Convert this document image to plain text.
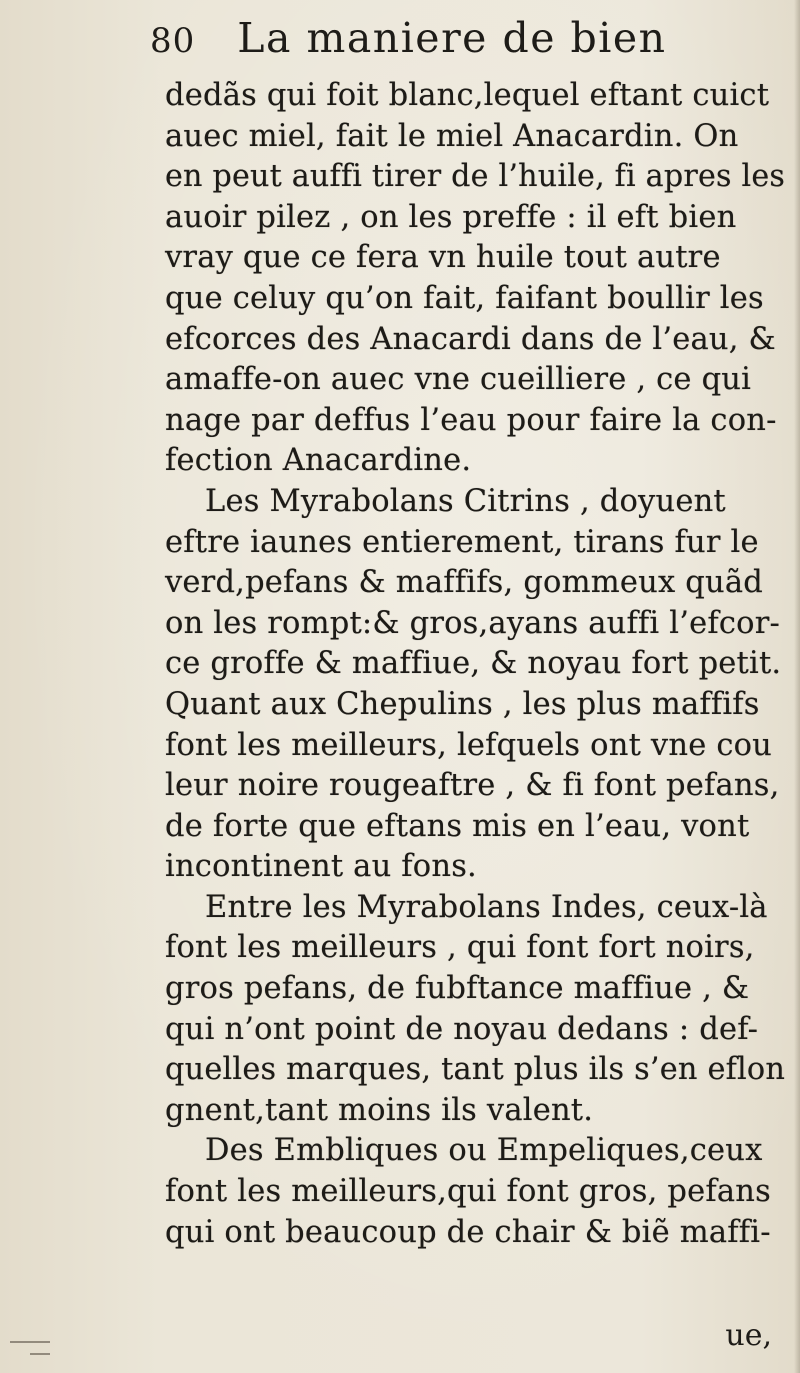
80 La maniere de bien
dedãs qui foit blanc,lequel eftant cuict
auec miel, fait le miel Anacardin. On
en peut auffi tirer de l’huile, fi apres les
auoir pilez , on les preffe : il eft bien
vray que ce fera vn huile tout autre
que celuy qu’on fait, faifant boullir les
efcorces des Anacardi dans de l’eau, &
amaffe-on auec vne cueilliere , ce qui
nage par deffus l’eau pour faire la con-
fection Anacardine.
Les Myrabolans Citrins , doyuent
eftre iaunes entierement, tirans fur le
verd,pefans & maffifs, gommeux quãd
on les rompt:& gros,ayans auffi l’efcor-
ce groffe & maffiue, & noyau fort petit.
Quant aux Chepulins , les plus maffifs
font les meilleurs, lefquels ont vne cou
leur noire rougeaftre , & fi font pefans,
de forte que eftans mis en l’eau, vont
incontinent au fons.
Entre les Myrabolans Indes, ceux-là
font les meilleurs , qui font fort noirs,
gros pefans, de fubftance maffiue , &
qui n’ont point de noyau dedans : def-
quelles marques, tant plus ils s’en eflon
gnent,tant moins ils valent.
Des Embliques ou Empeliques,ceux
font les meilleurs,qui font gros, pefans
qui ont beaucoup de chair & biẽ maffi-
ue,
